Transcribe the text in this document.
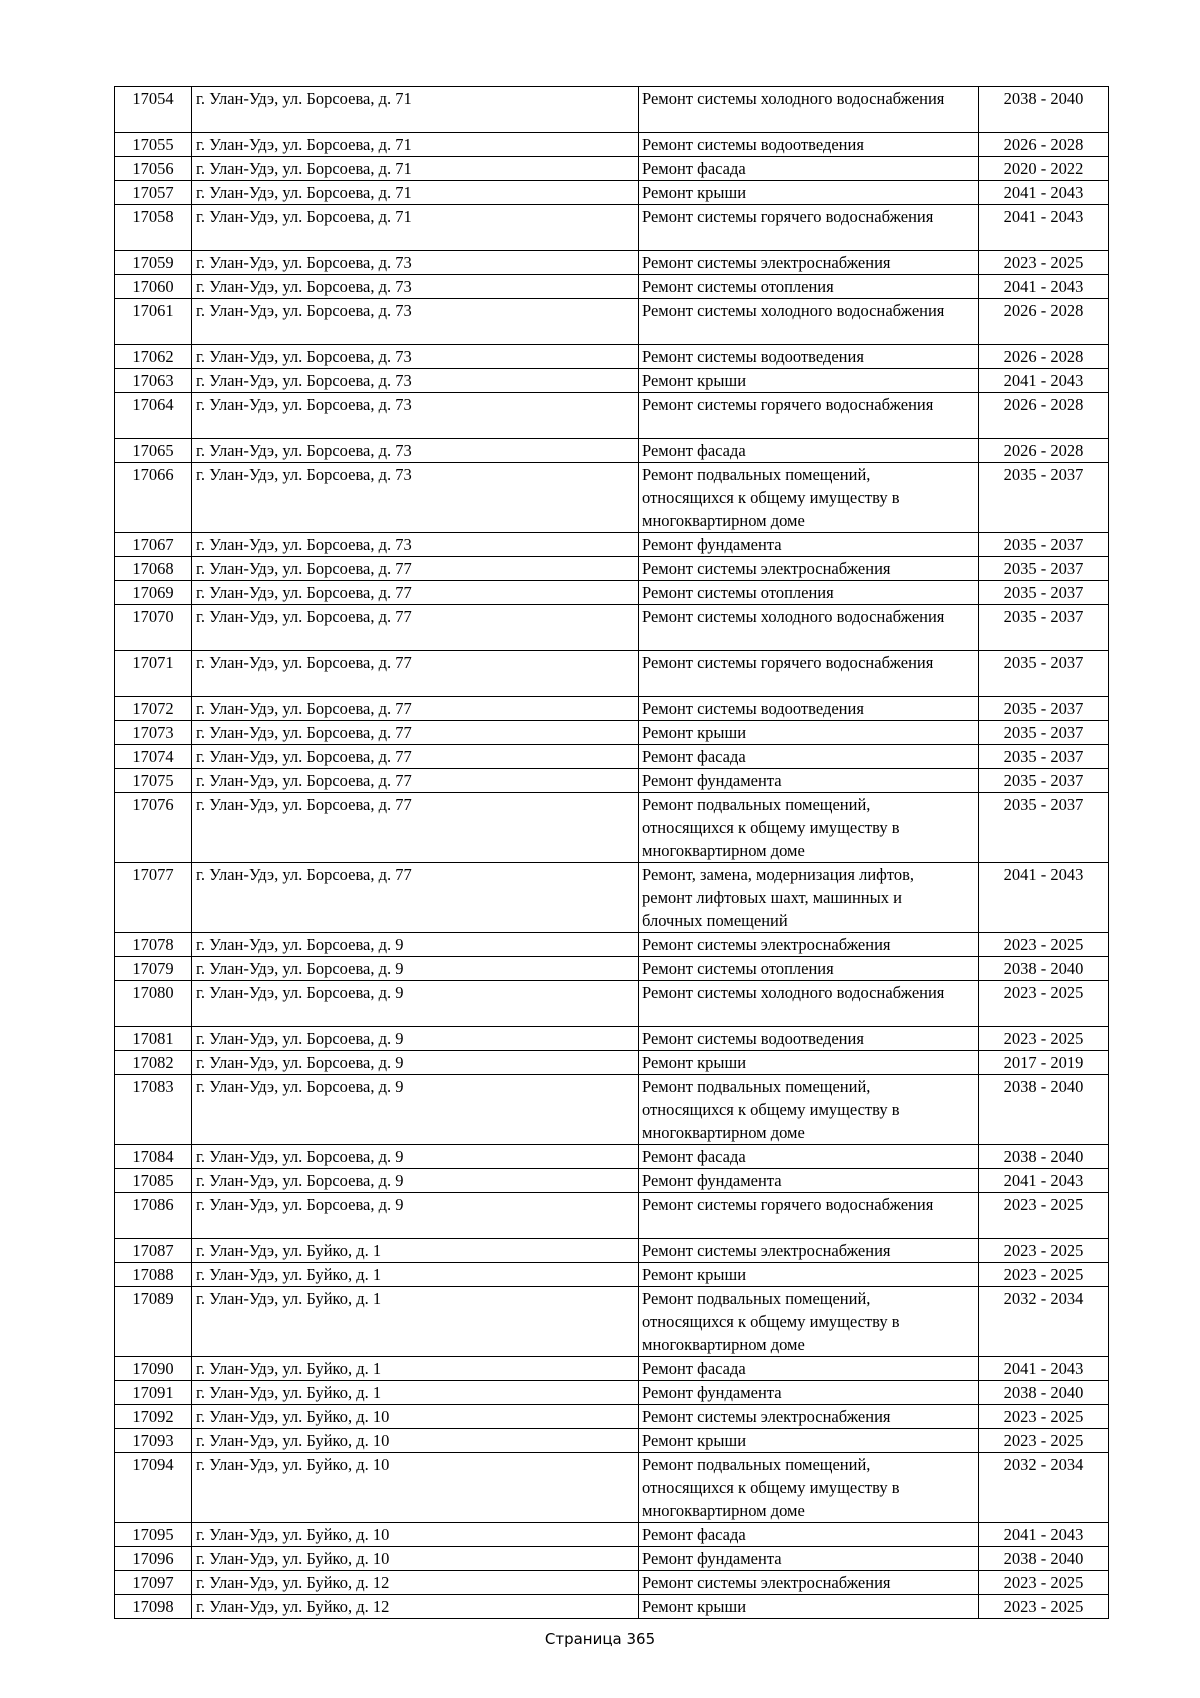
17054	г. Улан-Удэ, ул. Борсоева, д. 71	Ремонт системы холодного водоснабжения	2038 - 2040
17055	г. Улан-Удэ, ул. Борсоева, д. 71	Ремонт системы водоотведения	2026 - 2028
17056	г. Улан-Удэ, ул. Борсоева, д. 71	Ремонт фасада	2020 - 2022
17057	г. Улан-Удэ, ул. Борсоева, д. 71	Ремонт крыши	2041 - 2043
17058	г. Улан-Удэ, ул. Борсоева, д. 71	Ремонт системы горячего водоснабжения	2041 - 2043
17059	г. Улан-Удэ, ул. Борсоева, д. 73	Ремонт системы электроснабжения	2023 - 2025
17060	г. Улан-Удэ, ул. Борсоева, д. 73	Ремонт системы отопления	2041 - 2043
17061	г. Улан-Удэ, ул. Борсоева, д. 73	Ремонт системы холодного водоснабжения	2026 - 2028
17062	г. Улан-Удэ, ул. Борсоева, д. 73	Ремонт системы водоотведения	2026 - 2028
17063	г. Улан-Удэ, ул. Борсоева, д. 73	Ремонт крыши	2041 - 2043
17064	г. Улан-Удэ, ул. Борсоева, д. 73	Ремонт системы горячего водоснабжения	2026 - 2028
17065	г. Улан-Удэ, ул. Борсоева, д. 73	Ремонт фасада	2026 - 2028
17066	г. Улан-Удэ, ул. Борсоева, д. 73	Ремонт подвальных помещений,
относящихся к общему имуществу в
многоквартирном доме	2035 - 2037
17067	г. Улан-Удэ, ул. Борсоева, д. 73	Ремонт фундамента	2035 - 2037
17068	г. Улан-Удэ, ул. Борсоева, д. 77	Ремонт системы электроснабжения	2035 - 2037
17069	г. Улан-Удэ, ул. Борсоева, д. 77	Ремонт системы отопления	2035 - 2037
17070	г. Улан-Удэ, ул. Борсоева, д. 77	Ремонт системы холодного водоснабжения	2035 - 2037
17071	г. Улан-Удэ, ул. Борсоева, д. 77	Ремонт системы горячего водоснабжения	2035 - 2037
17072	г. Улан-Удэ, ул. Борсоева, д. 77	Ремонт системы водоотведения	2035 - 2037
17073	г. Улан-Удэ, ул. Борсоева, д. 77	Ремонт крыши	2035 - 2037
17074	г. Улан-Удэ, ул. Борсоева, д. 77	Ремонт фасада	2035 - 2037
17075	г. Улан-Удэ, ул. Борсоева, д. 77	Ремонт фундамента	2035 - 2037
17076	г. Улан-Удэ, ул. Борсоева, д. 77	Ремонт подвальных помещений,
относящихся к общему имуществу в
многоквартирном доме	2035 - 2037
17077	г. Улан-Удэ, ул. Борсоева, д. 77	Ремонт, замена, модернизация лифтов,
ремонт лифтовых шахт, машинных и
блочных помещений	2041 - 2043
17078	г. Улан-Удэ, ул. Борсоева, д. 9	Ремонт системы электроснабжения	2023 - 2025
17079	г. Улан-Удэ, ул. Борсоева, д. 9	Ремонт системы отопления	2038 - 2040
17080	г. Улан-Удэ, ул. Борсоева, д. 9	Ремонт системы холодного водоснабжения	2023 - 2025
17081	г. Улан-Удэ, ул. Борсоева, д. 9	Ремонт системы водоотведения	2023 - 2025
17082	г. Улан-Удэ, ул. Борсоева, д. 9	Ремонт крыши	2017 - 2019
17083	г. Улан-Удэ, ул. Борсоева, д. 9	Ремонт подвальных помещений,
относящихся к общему имуществу в
многоквартирном доме	2038 - 2040
17084	г. Улан-Удэ, ул. Борсоева, д. 9	Ремонт фасада	2038 - 2040
17085	г. Улан-Удэ, ул. Борсоева, д. 9	Ремонт фундамента	2041 - 2043
17086	г. Улан-Удэ, ул. Борсоева, д. 9	Ремонт системы горячего водоснабжения	2023 - 2025
17087	г. Улан-Удэ, ул. Буйко, д. 1	Ремонт системы электроснабжения	2023 - 2025
17088	г. Улан-Удэ, ул. Буйко, д. 1	Ремонт крыши	2023 - 2025
17089	г. Улан-Удэ, ул. Буйко, д. 1	Ремонт подвальных помещений,
относящихся к общему имуществу в
многоквартирном доме	2032 - 2034
17090	г. Улан-Удэ, ул. Буйко, д. 1	Ремонт фасада	2041 - 2043
17091	г. Улан-Удэ, ул. Буйко, д. 1	Ремонт фундамента	2038 - 2040
17092	г. Улан-Удэ, ул. Буйко, д. 10	Ремонт системы электроснабжения	2023 - 2025
17093	г. Улан-Удэ, ул. Буйко, д. 10	Ремонт крыши	2023 - 2025
17094	г. Улан-Удэ, ул. Буйко, д. 10	Ремонт подвальных помещений,
относящихся к общему имуществу в
многоквартирном доме	2032 - 2034
17095	г. Улан-Удэ, ул. Буйко, д. 10	Ремонт фасада	2041 - 2043
17096	г. Улан-Удэ, ул. Буйко, д. 10	Ремонт фундамента	2038 - 2040
17097	г. Улан-Удэ, ул. Буйко, д. 12	Ремонт системы электроснабжения	2023 - 2025
17098	г. Улан-Удэ, ул. Буйко, д. 12	Ремонт крыши	2023 - 2025
Страница 365
